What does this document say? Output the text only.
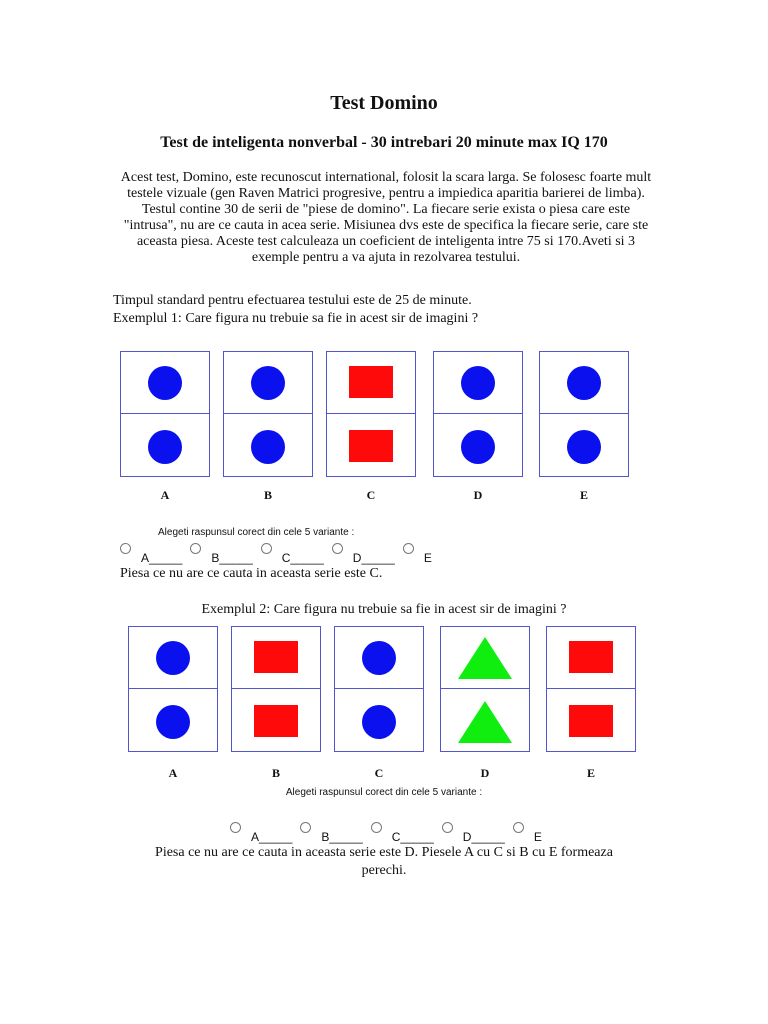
Test Domino
Test de inteligenta nonverbal - 30 intrebari 20 minute max IQ 170

Acest test, Domino, este recunoscut international, folosit la scara larga. Se folosesc foarte mult testele vizuale (gen Raven Matrici progresive, pentru a impiedica aparitia barierei de limba).

Testul contine 30 de serii de "piese de domino". La fiecare serie exista o piesa care este "intrusa", nu are ce cauta in acea serie. Misiunea dvs este de specifica la fiecare serie, care ste aceasta piesa. Aceste test calculeaza un coeficient de inteligenta intre 75 si 170.Aveti si 3 exemple pentru a va ajuta in rezolvarea testului.

Timpul standard pentru efectuarea testului este de 25 de minute.
Exemplul 1: Care figura nu trebuie sa fie in acest sir de imagini ?
A	B	C	D	E
Alegeti raspunsul corect din cele 5 variante :
A_____ B_____ C_____ D_____ E
Piesa ce nu are ce cauta in aceasta serie este C.
Exemplul 2: Care figura nu trebuie sa fie in acest sir de imagini ?
A	B	C	D	E
Alegeti raspunsul corect din cele 5 variante :
A_____ B_____ C_____ D_____ E
Piesa ce nu are ce cauta in aceasta serie este D. Piesele A cu C si B cu E formeaza perechi.
